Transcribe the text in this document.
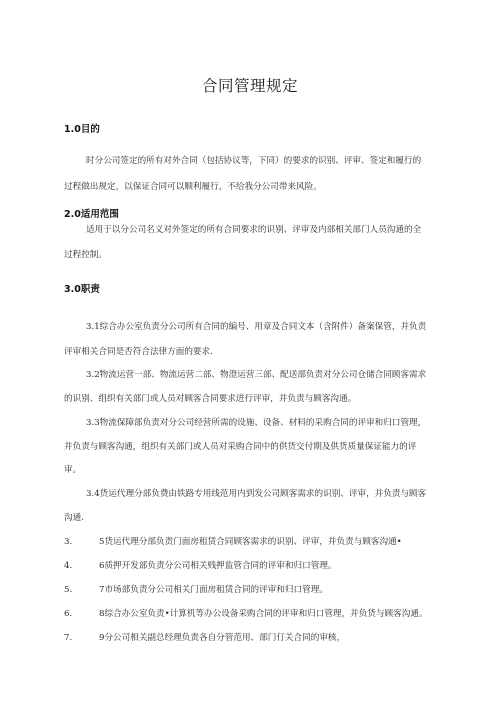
合同管理规定
1.0目的
时分公司签定的所有对外合同（包括协议等，下同）的要求的识别、评审、签定和履行的
过程做出规定，以保证合同可以顺利履行，不给我分公司带来风险。
2.0适用范围
适用于以分公司名义对外签定的所有合同要求的识别、评审及内部相关部门人员沟通的全
过程控制。
3.0职责
3.1综合办公室负责分公司所有合同的编号、用章及合同文本（含附件）备案保管，并负责
评审相关合同是否符合法律方面的要求.
3.2物流运营一部、物流运营二部、物澄运营三部、配送部负责对分公司仓储合同顾客需求
的识别、组织有关部门或人员对顾客合同要求进行评审，并负责与顾客沟通。
3.3物流保障部负责对分公司经营所需的设施、设备、材料的采购合同的评审和归口管理，
并负责与顾客沟通，组织有关部门或人员对采购合同中的供货交付期及供货质量保证能力的评
审。
3.4货运代理分部负费由铁路专用线范用内到发公司顾客需求的识别、评审，并负责与顾客
沟通.
3.	5货运代理分部负责门面房租赁合同顾客需求的识别、评审，并负责与顾客沟通•
4.	6质押开发部负责分公司相关贱押监管合同的评审和归口管理。
5.	7市场部负责分公司相关门面房租赁合同的评审和归口管理。
6.	8综合办公室负责•计算机等办公设备采购合同的评审和归口管理，并负货与顾客沟通。
7.	9分公司相关副总经理负责各自分管范用、部门仃关合同的审核，
